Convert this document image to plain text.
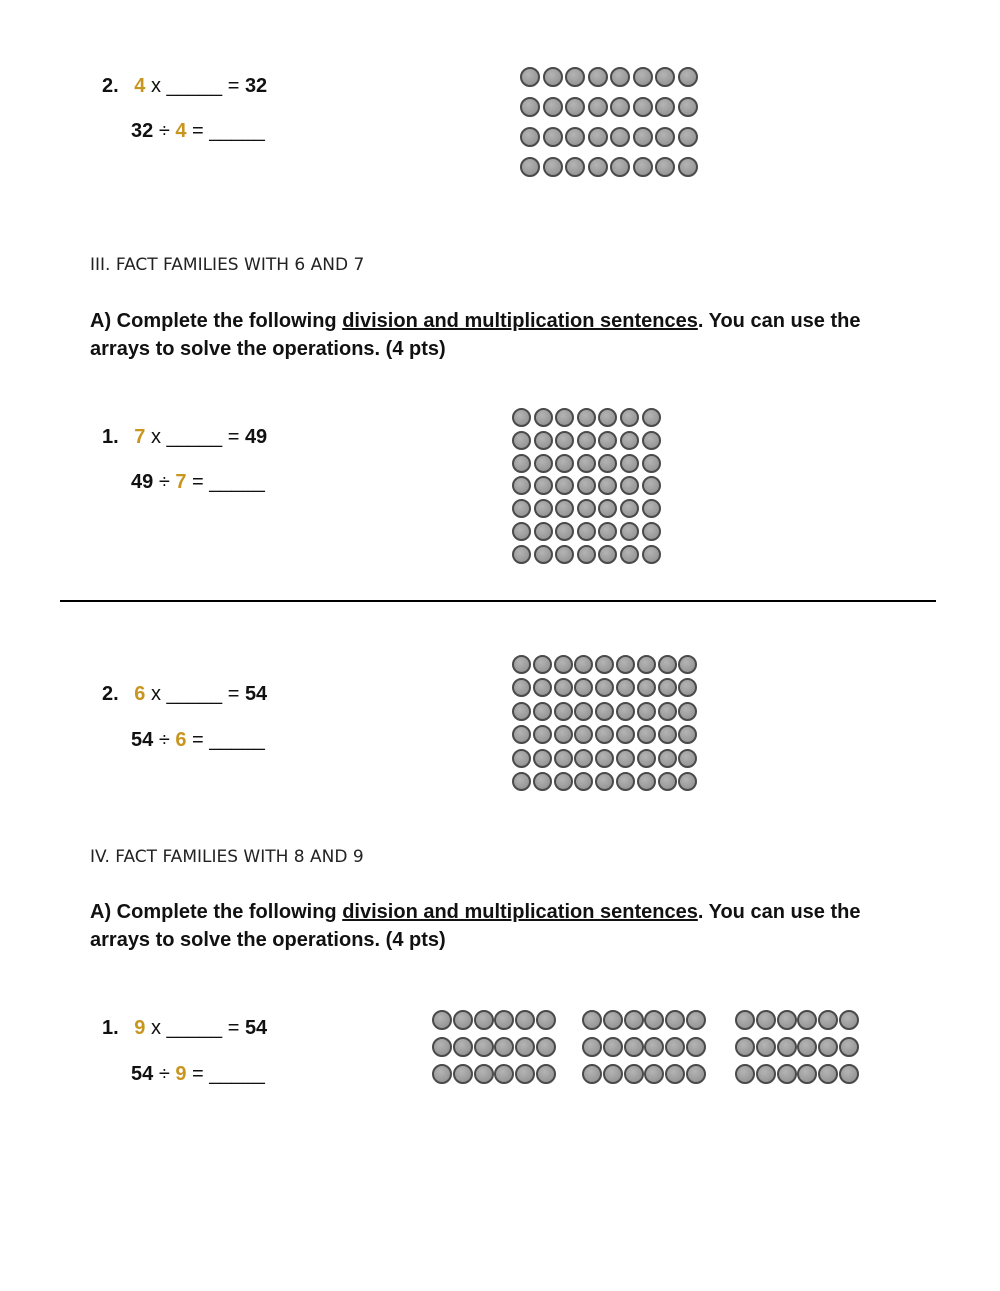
2. 4 x _____ = 32
32 ÷ 4 = _____
III. FACT FAMILIES WITH 6 AND 7
A) Complete the following division and multiplication sentences. You can use the arrays to solve the operations. (4 pts)
1. 7 x _____ = 49
49 ÷ 7 = _____
2. 6 x _____ = 54
54 ÷ 6 = _____
IV. FACT FAMILIES WITH 8 AND 9
A) Complete the following division and multiplication sentences. You can use the arrays to solve the operations. (4 pts)
1. 9 x _____ = 54
54 ÷ 9 = _____
